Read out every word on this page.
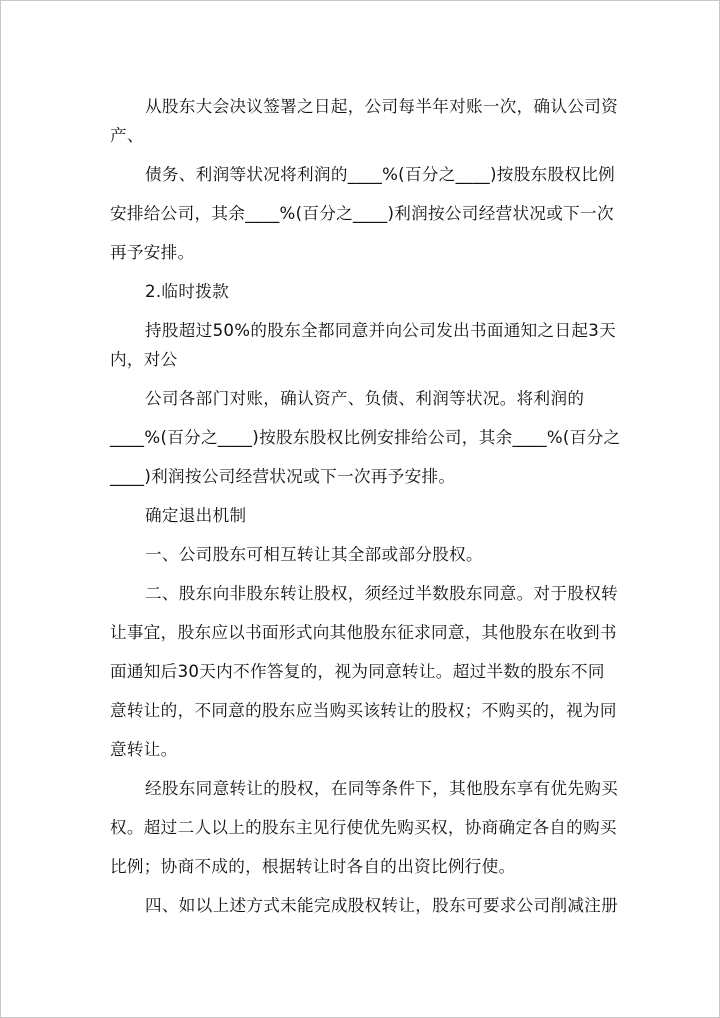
从股东大会决议签署之日起，公司每半年对账一次，确认公司资
产、
债务、利润等状况将利润的____%(百分之____)按股东股权比例
安排给公司，其余____%(百分之____)利润按公司经营状况或下一次
再予安排。
2.临时拨款
持股超过50%的股东全都同意并向公司发出书面通知之日起3天
内，对公
公司各部门对账，确认资产、负债、利润等状况。将利润的
____%(百分之____)按股东股权比例安排给公司，其余____%(百分之
____)利润按公司经营状况或下一次再予安排。
确定退出机制
一、公司股东可相互转让其全部或部分股权。
二、股东向非股东转让股权，须经过半数股东同意。对于股权转
让事宜，股东应以书面形式向其他股东征求同意，其他股东在收到书
面通知后30天内不作答复的，视为同意转让。超过半数的股东不同
意转让的，不同意的股东应当购买该转让的股权；不购买的，视为同
意转让。
经股东同意转让的股权，在同等条件下，其他股东享有优先购买
权。超过二人以上的股东主见行使优先购买权，协商确定各自的购买
比例；协商不成的，根据转让时各自的出资比例行使。
四、如以上述方式未能完成股权转让，股东可要求公司削减注册
